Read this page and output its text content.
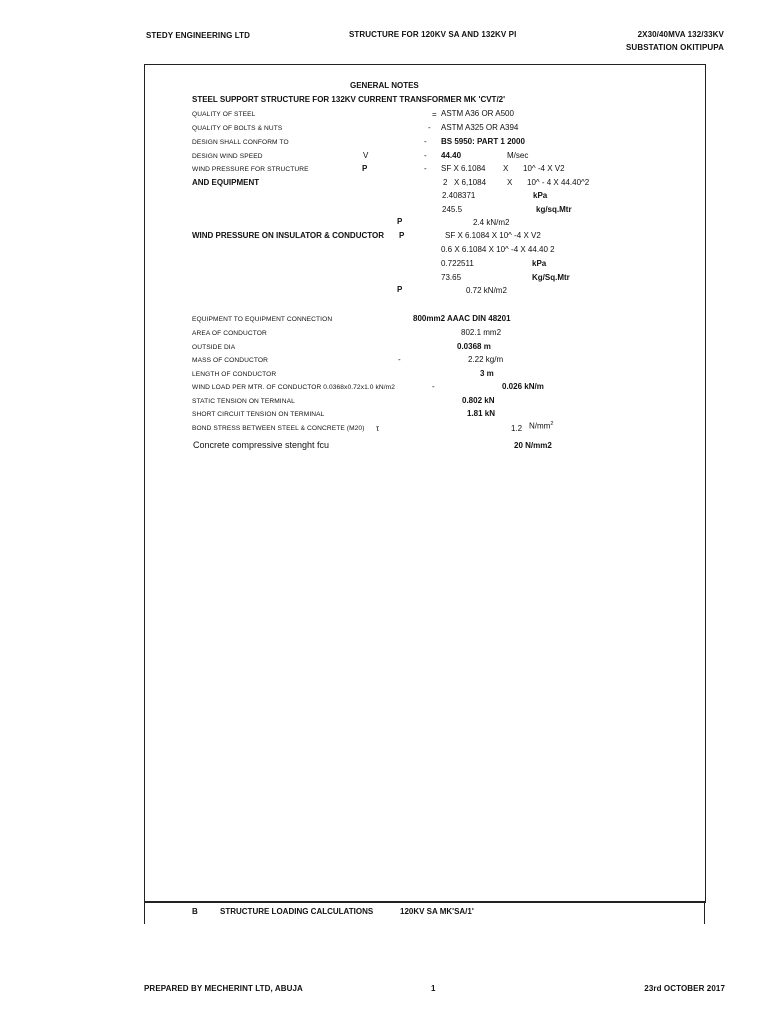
STEDY ENGINEERING LTD	STRUCTURE FOR 120KV SA AND 132KV PI	2X30/40MVA 132/33KV
SUBSTATION OKITIPUPA
GENERAL NOTES
STEEL SUPPORT STRUCTURE FOR 132KV CURRENT TRANSFORMER MK 'CVT/2'
QUALITY OF STEEL	= ASTM A36 OR A500
QUALITY OF BOLTS & NUTS	- ASTM A325 OR A394
DESIGN SHALL CONFORM TO	- BS 5950: PART 1 2000
DESIGN WIND SPEED	V	- 44.40	M/sec
WIND PRESSURE FOR STRUCTURE	P	- SF X 6.1084 X 10^ -4 X V2
AND EQUIPMENT	2 X 6,1084	X 10^ - 4 X 44.40^2
2.408371	kPa
245.5	kg/sq.Mtr
P	2.4 kN/m2
WIND PRESSURE ON INSULATOR & CONDUCTOR P	SF X 6.1084 X 10^ -4 X V2
0.6 X 6.1084 X 10^ -4 X 44.40 2
0.722511	kPa
73.65	Kg/Sq.Mtr
P	0.72 kN/m2
EQUIPMENT TO EQUIPMENT CONNECTION	800mm2 AAAC DIN 48201
AREA OF CONDUCTOR	802.1 mm2
OUTSIDE DIA	0.0368 m
MASS OF CONDUCTOR	-	2.22 kg/m
LENGTH OF CONDUCTOR	3 m
WIND LOAD PER MTR. OF CONDUCTOR 0.0368x0.72x1.0 kN/m2	-	0.026 kN/m
STATIC TENSION ON TERMINAL	0.802 kN
SHORT CIRCUIT TENSION ON TERMINAL	1.81 kN
BOND STRESS BETWEEN STEEL & CONCRETE (M20) τ	1.2 $N/mm^2$
Concrete compressive stenght fcu	20 N/mm2
B	STRUCTURE LOADING CALCULATIONS	120KV SA MK'SA/1'
PREPARED BY MECHERINT LTD, ABUJA	1	23rd OCTOBER 2017
